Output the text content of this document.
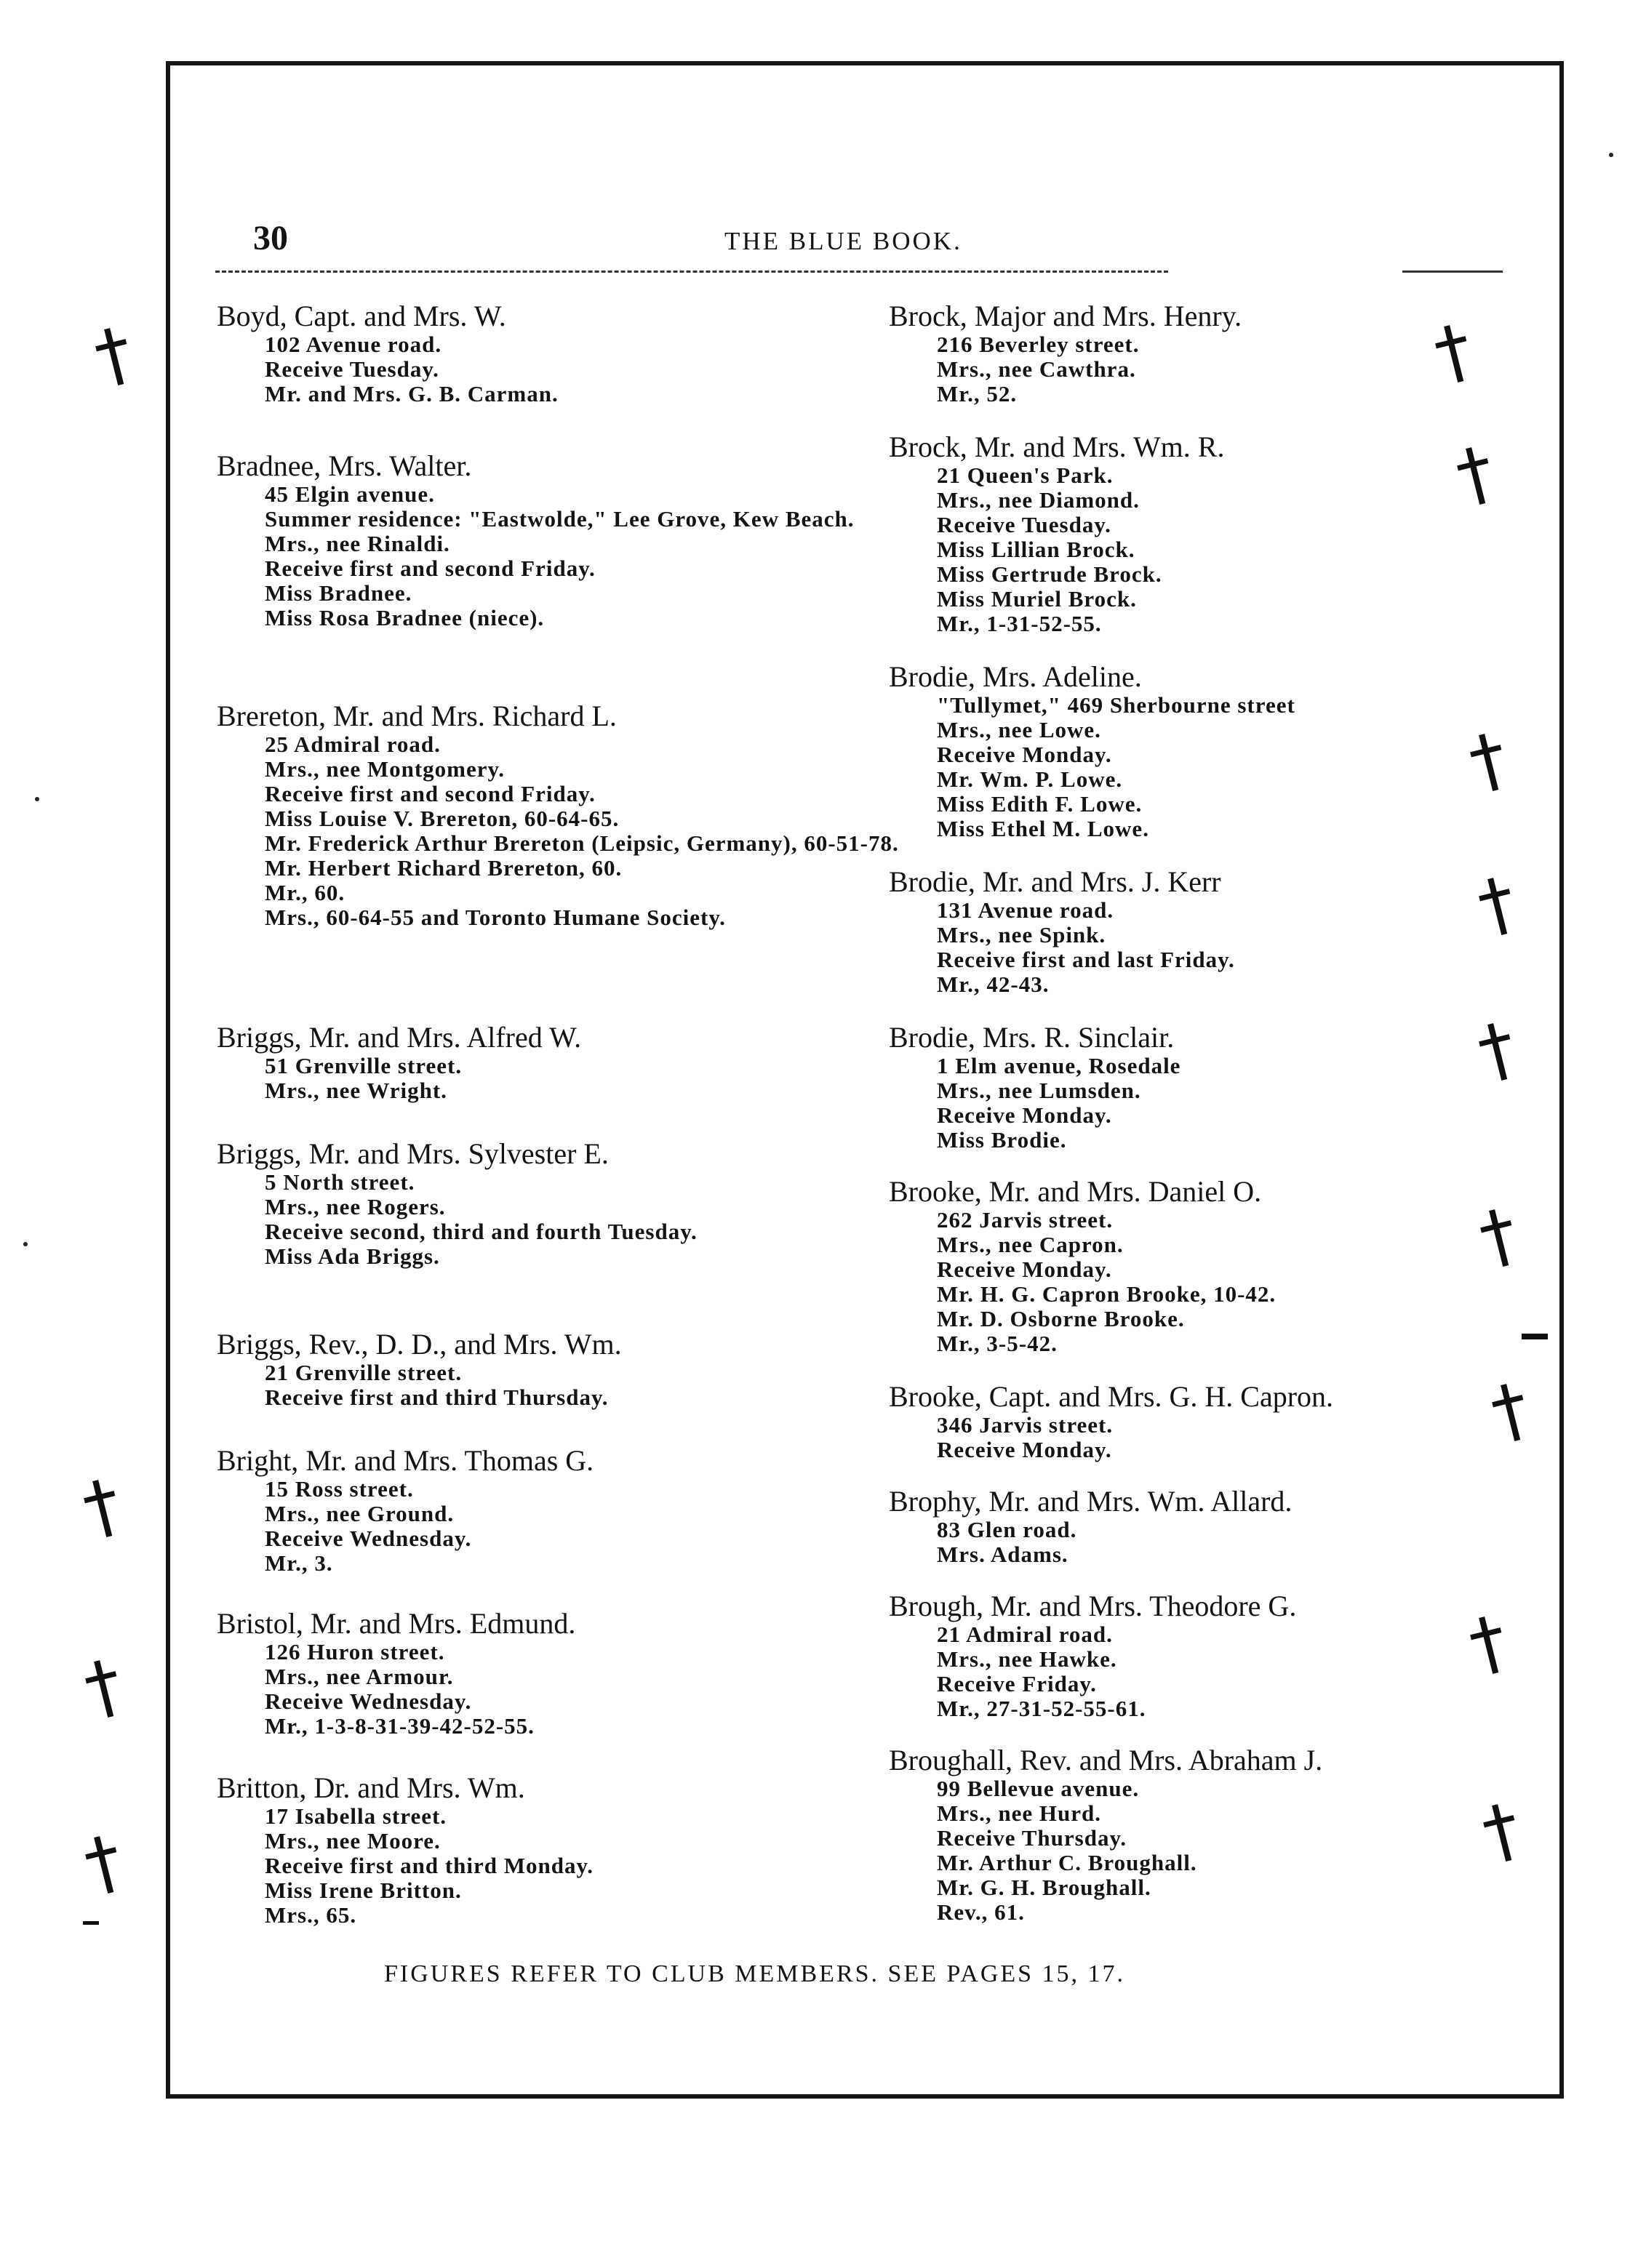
30	THE BLUE BOOK.
Boyd, Capt. and Mrs. W.
102 Avenue road.
Receive Tuesday.
Mr. and Mrs. G. B. Carman.
Bradnee, Mrs. Walter.
45 Elgin avenue.
Summer residence: "Eastwolde," Lee Grove, Kew Beach.
Mrs., nee Rinaldi.
Receive first and second Friday.
Miss Bradnee.
Miss Rosa Bradnee (niece).
Brereton, Mr. and Mrs. Richard L.
25 Admiral road.
Mrs., nee Montgomery.
Receive first and second Friday.
Miss Louise V. Brereton, 60-64-65.
Mr. Frederick Arthur Brereton (Leipsic, Germany), 60-51-78.
Mr. Herbert Richard Brereton, 60.
Mr., 60.
Mrs., 60-64-55 and Toronto Humane Society.
Briggs, Mr. and Mrs. Alfred W.
51 Grenville street.
Mrs., nee Wright.
Briggs, Mr. and Mrs. Sylvester E.
5 North street.
Mrs., nee Rogers.
Receive second, third and fourth Tuesday.
Miss Ada Briggs.
Briggs, Rev., D. D., and Mrs. Wm.
21 Grenville street.
Receive first and third Thursday.
Bright, Mr. and Mrs. Thomas G.
15 Ross street.
Mrs., nee Ground.
Receive Wednesday.
Mr., 3.
Bristol, Mr. and Mrs. Edmund.
126 Huron street.
Mrs., nee Armour.
Receive Wednesday.
Mr., 1-3-8-31-39-42-52-55.
Britton, Dr. and Mrs. Wm.
17 Isabella street.
Mrs., nee Moore.
Receive first and third Monday.
Miss Irene Britton.
Mrs., 65.
Brock, Major and Mrs. Henry.
216 Beverley street.
Mrs., nee Cawthra.
Mr., 52.
Brock, Mr. and Mrs. Wm. R.
21 Queen's Park.
Mrs., nee Diamond.
Receive Tuesday.
Miss Lillian Brock.
Miss Gertrude Brock.
Miss Muriel Brock.
Mr., 1-31-52-55.
Brodie, Mrs. Adeline.
"Tullymet," 469 Sherbourne street
Mrs., nee Lowe.
Receive Monday.
Mr. Wm. P. Lowe.
Miss Edith F. Lowe.
Miss Ethel M. Lowe.
Brodie, Mr. and Mrs. J. Kerr
131 Avenue road.
Mrs., nee Spink.
Receive first and last Friday.
Mr., 42-43.
Brodie, Mrs. R. Sinclair.
1 Elm avenue, Rosedale
Mrs., nee Lumsden.
Receive Monday.
Miss Brodie.
Brooke, Mr. and Mrs. Daniel O.
262 Jarvis street.
Mrs., nee Capron.
Receive Monday.
Mr. H. G. Capron Brooke, 10-42.
Mr. D. Osborne Brooke.
Mr., 3-5-42.
Brooke, Capt. and Mrs. G. H. Capron.
346 Jarvis street.
Receive Monday.
Brophy, Mr. and Mrs. Wm. Allard.
83 Glen road.
Mrs. Adams.
Brough, Mr. and Mrs. Theodore G.
21 Admiral road.
Mrs., nee Hawke.
Receive Friday.
Mr., 27-31-52-55-61.
Broughall, Rev. and Mrs. Abraham J.
99 Bellevue avenue.
Mrs., nee Hurd.
Receive Thursday.
Mr. Arthur C. Broughall.
Mr. G. H. Broughall.
Rev., 61.
FIGURES REFER TO CLUB MEMBERS. SEE PAGES 15, 17.
†
†
†
†
†
†
†
†
†
†
†
†
†
